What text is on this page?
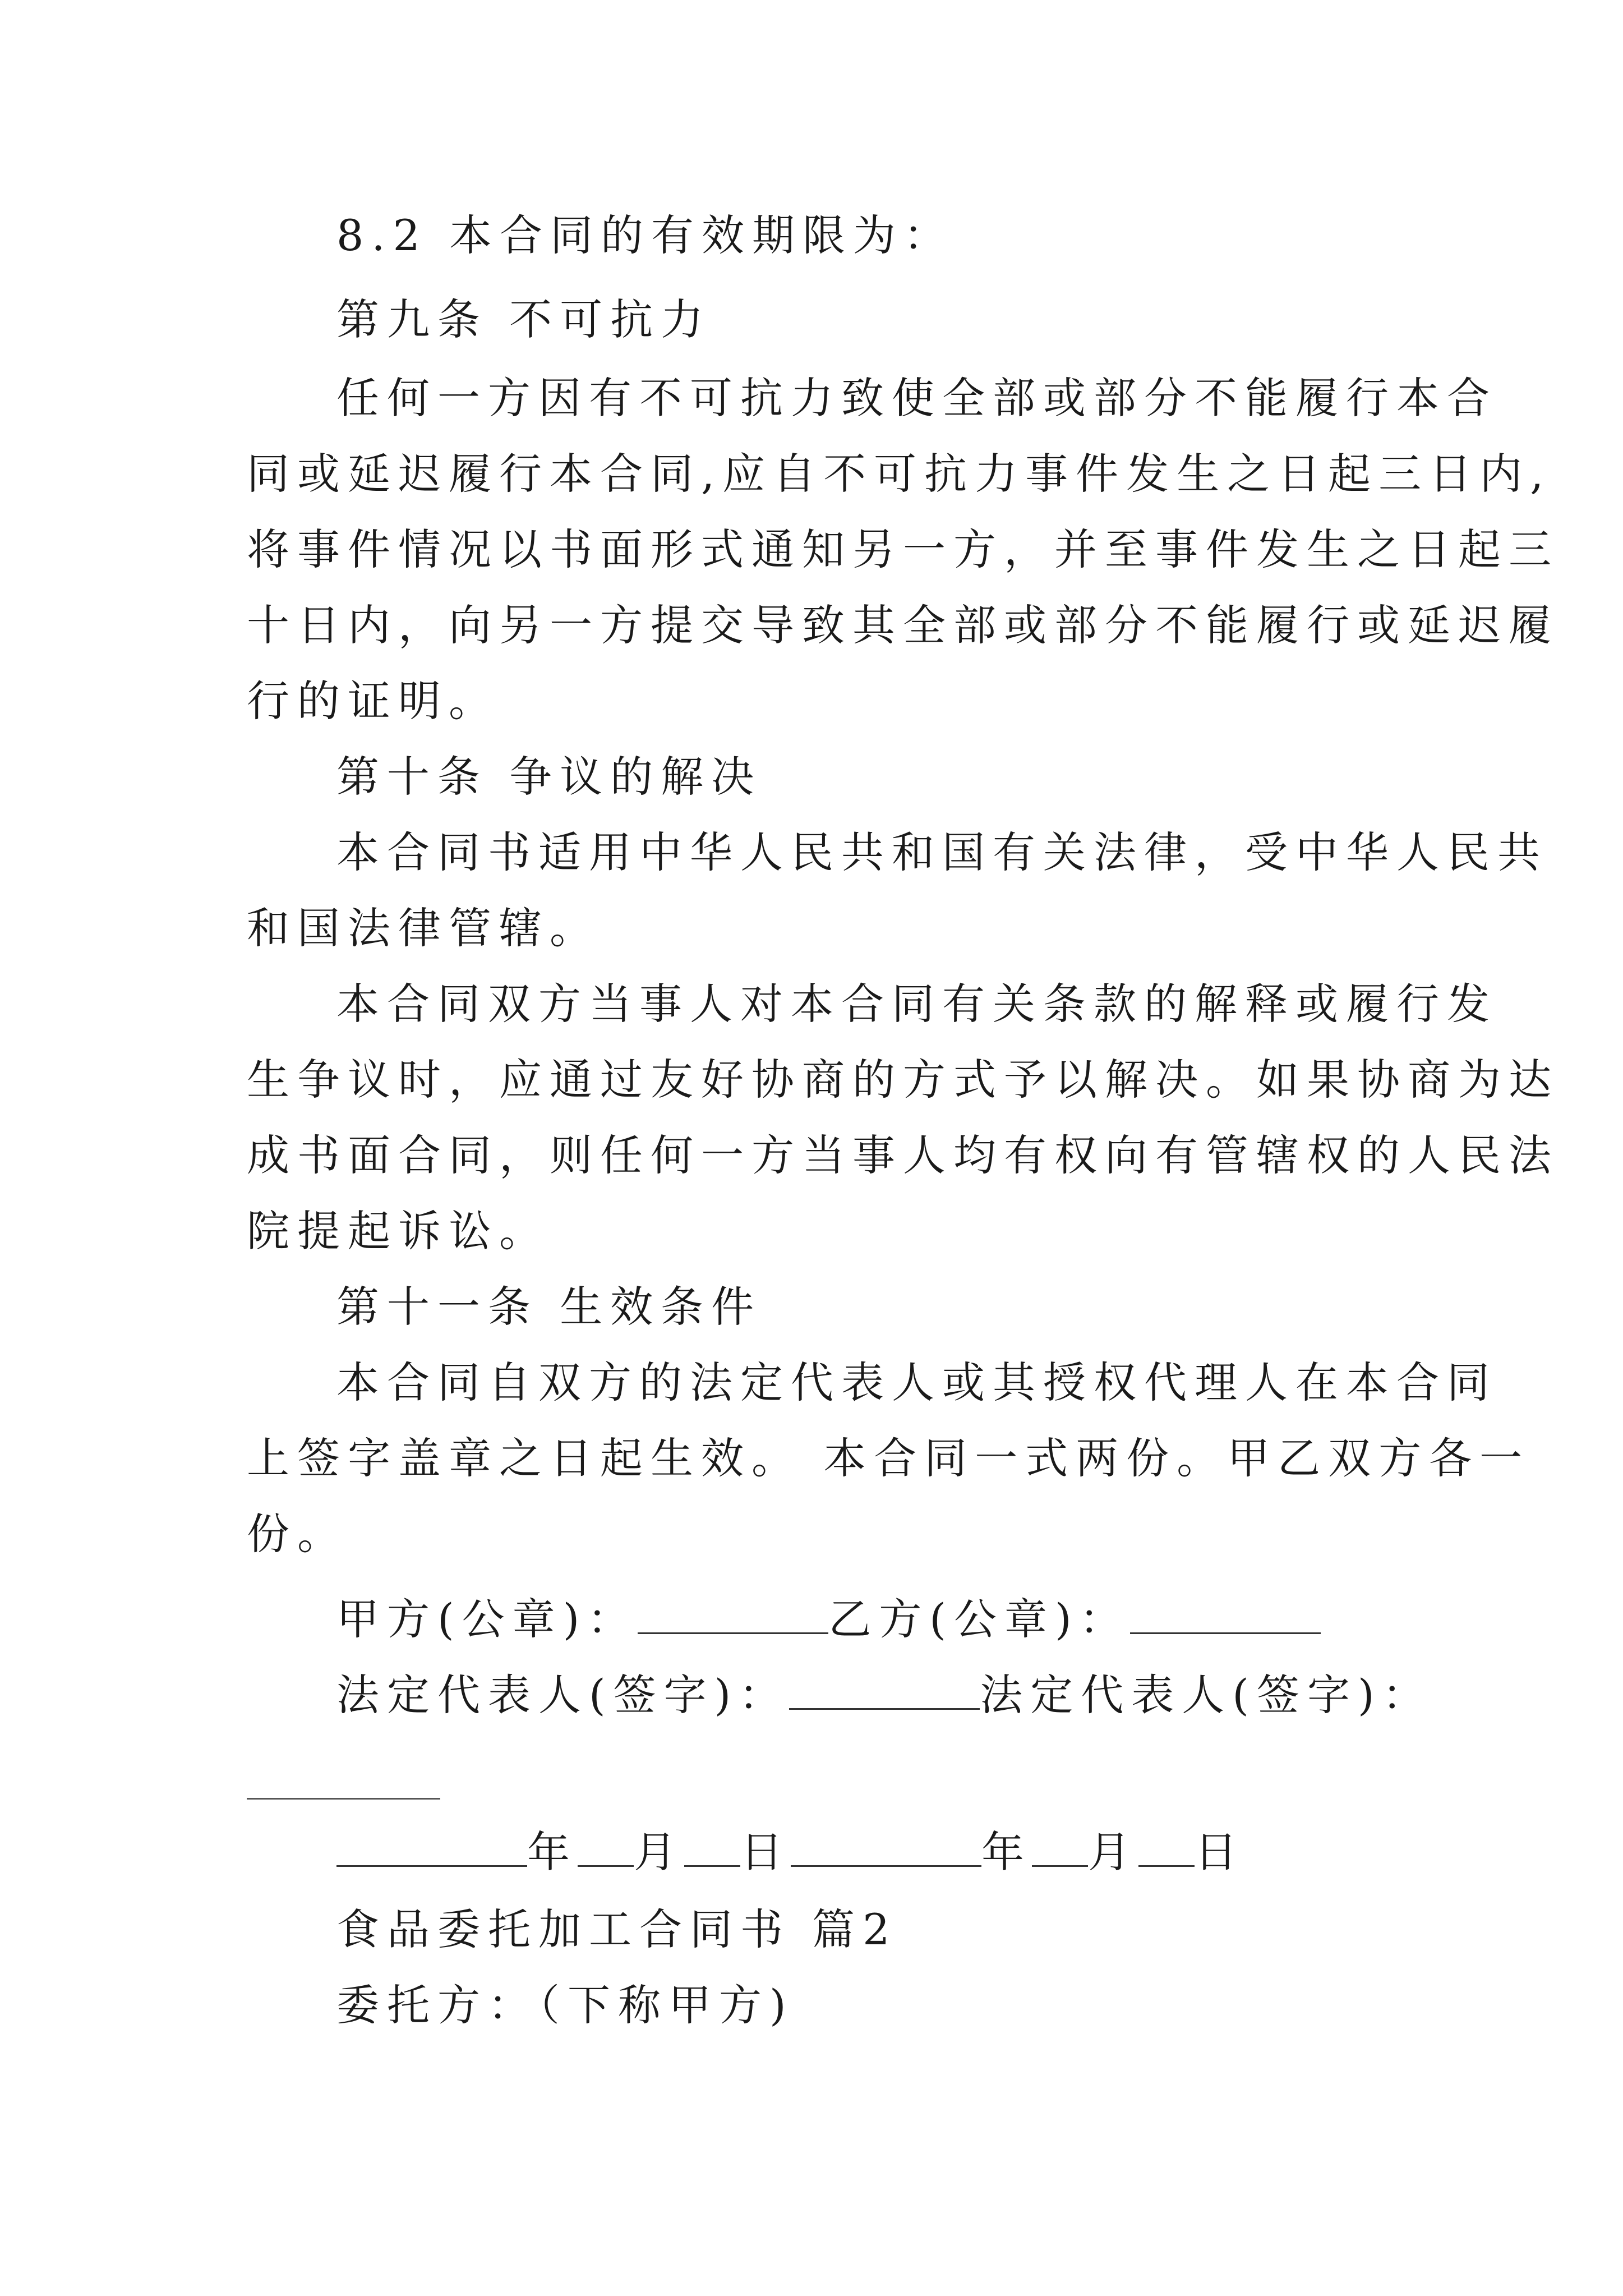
8.2 本合同的有效期限为：
第九条 不可抗力
任何一方因有不可抗力致使全部或部分不能履行本合
同或延迟履行本合同,应自不可抗力事件发生之日起三日内,
将事件情况以书面形式通知另一方，并至事件发生之日起三
十日内，向另一方提交导致其全部或部分不能履行或延迟履
行的证明。
第十条 争议的解决
本合同书适用中华人民共和国有关法律，受中华人民共
和国法律管辖。
本合同双方当事人对本合同有关条款的解释或履行发
生争议时，应通过友好协商的方式予以解决。如果协商为达
成书面合同，则任何一方当事人均有权向有管辖权的人民法
院提起诉讼。
第十一条 生效条件
本合同自双方的法定代表人或其授权代理人在本合同
上签字盖章之日起生效。 本合同一式两份。甲乙双方各一
份。
甲方(公章)：	乙方(公章)：
法定代表人(签字)：	法定代表人(签字)：
年 月 日	年 月 日
食品委托加工合同书 篇2
委托方：（下称甲方)
